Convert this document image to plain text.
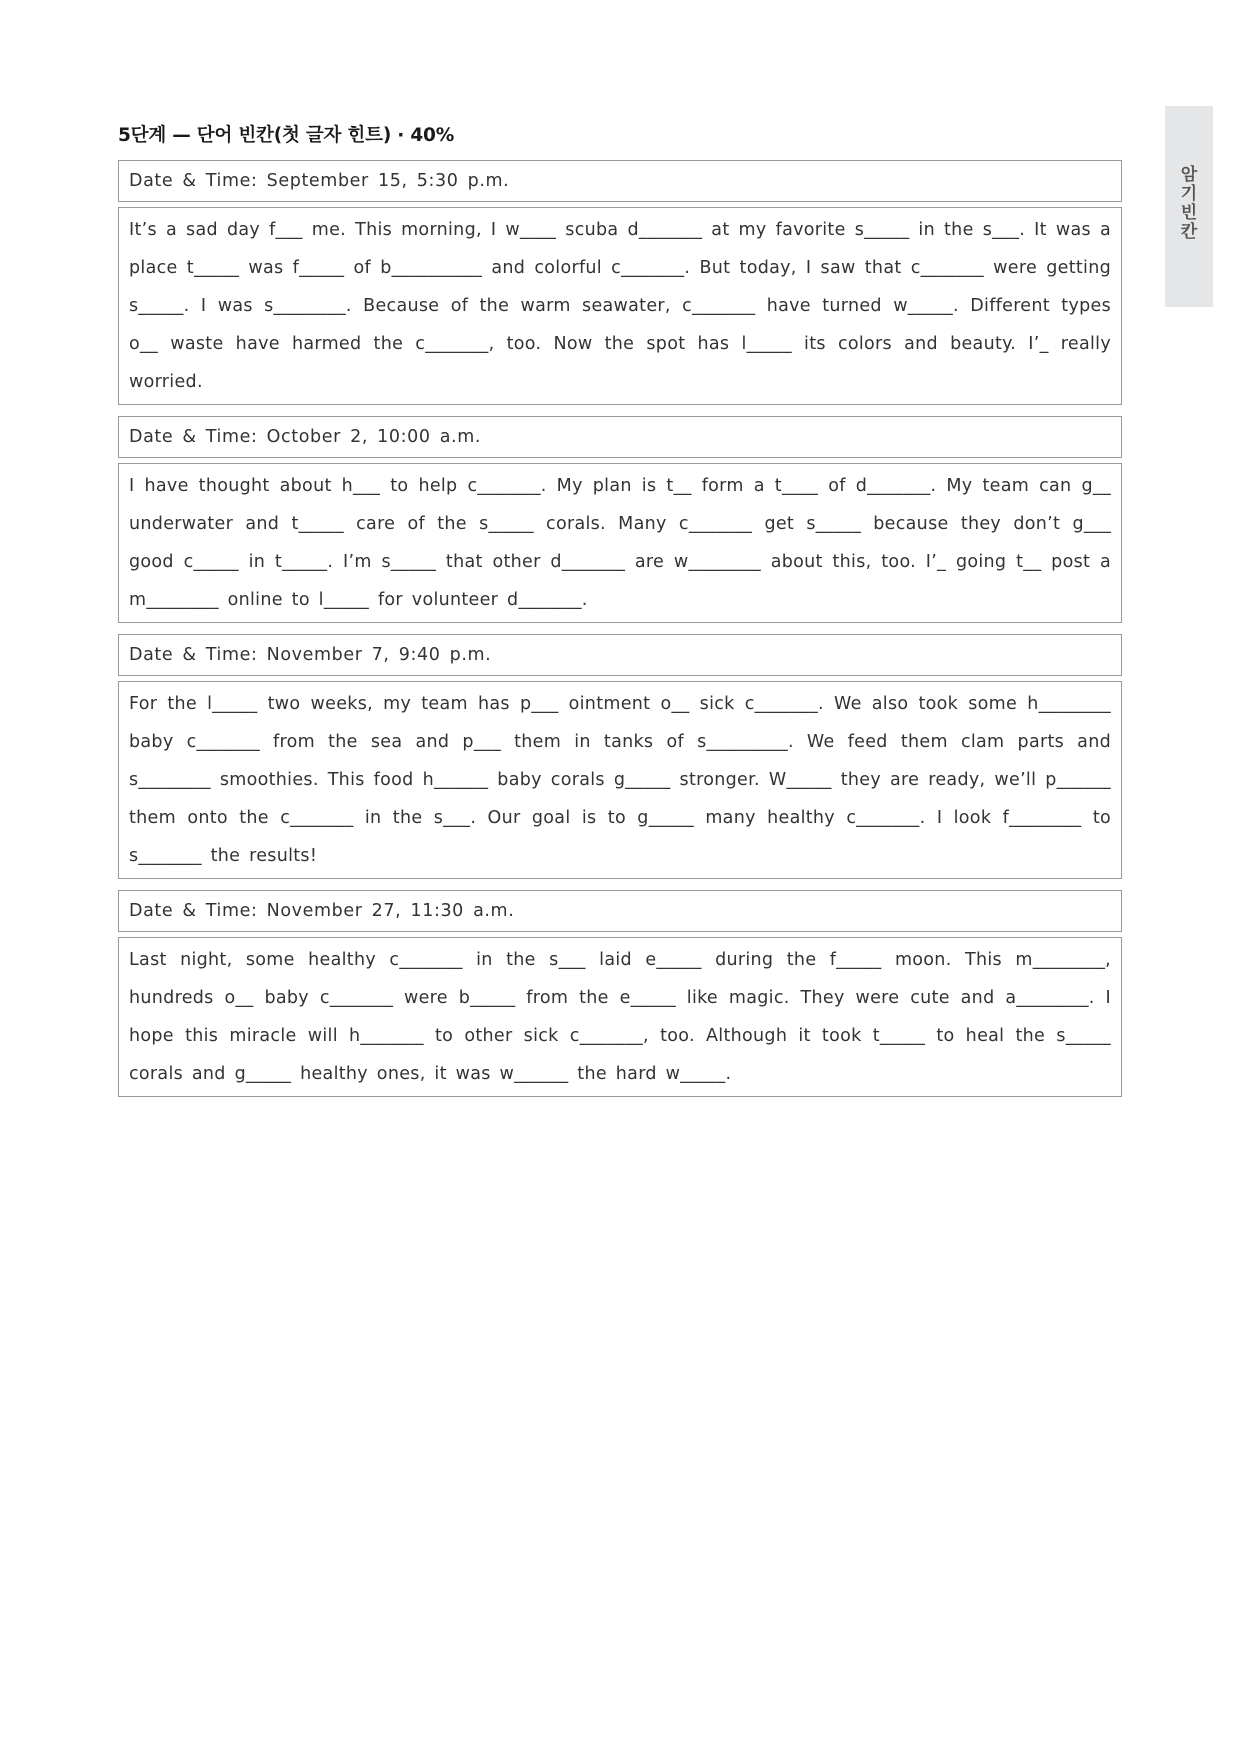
5단계 — 단어 빈칸(첫 글자 힌트) · 40%
암
기
빈
칸
Date & Time: September 15, 5:30 p.m.
It’s a sad day f___ me. This morning, I w____ scuba d_______ at my favorite s_____ in the s___. It was a place t_____ was f_____ of b__________ and colorful c_______. But today, I saw that c_______ were getting s_____. I was s________. Because of the warm seawater, c_______ have turned w_____. Different types o__ waste have harmed the c_______, too. Now the spot has l_____ its colors and beauty. I’_ really worried.
Date & Time: October 2, 10:00 a.m.
I have thought about h___ to help c_______. My plan is t__ form a t____ of d_______. My team can g__ underwater and t_____ care of the s_____ corals. Many c_______ get s_____ because they don’t g___ good c_____ in t_____. I’m s_____ that other d_______ are w________ about this, too. I’_ going t__ post a m________ online to l_____ for volunteer d_______.
Date & Time: November 7, 9:40 p.m.
For the l_____ two weeks, my team has p___ ointment o__ sick c_______. We also took some h________ baby c_______ from the sea and p___ them in tanks of s_________. We feed them clam parts and s________ smoothies. This food h______ baby corals g_____ stronger. W_____ they are ready, we’ll p______ them onto the c_______ in the s___. Our goal is to g_____ many healthy c_______. I look f________ to s_______ the results!
Date & Time: November 27, 11:30 a.m.
Last night, some healthy c_______ in the s___ laid e_____ during the f_____ moon. This m________, hundreds o__ baby c_______ were b_____ from the e_____ like magic. They were cute and a________. I hope this miracle will h_______ to other sick c_______, too. Although it took t_____ to heal the s_____ corals and g_____ healthy ones, it was w______ the hard w_____.
